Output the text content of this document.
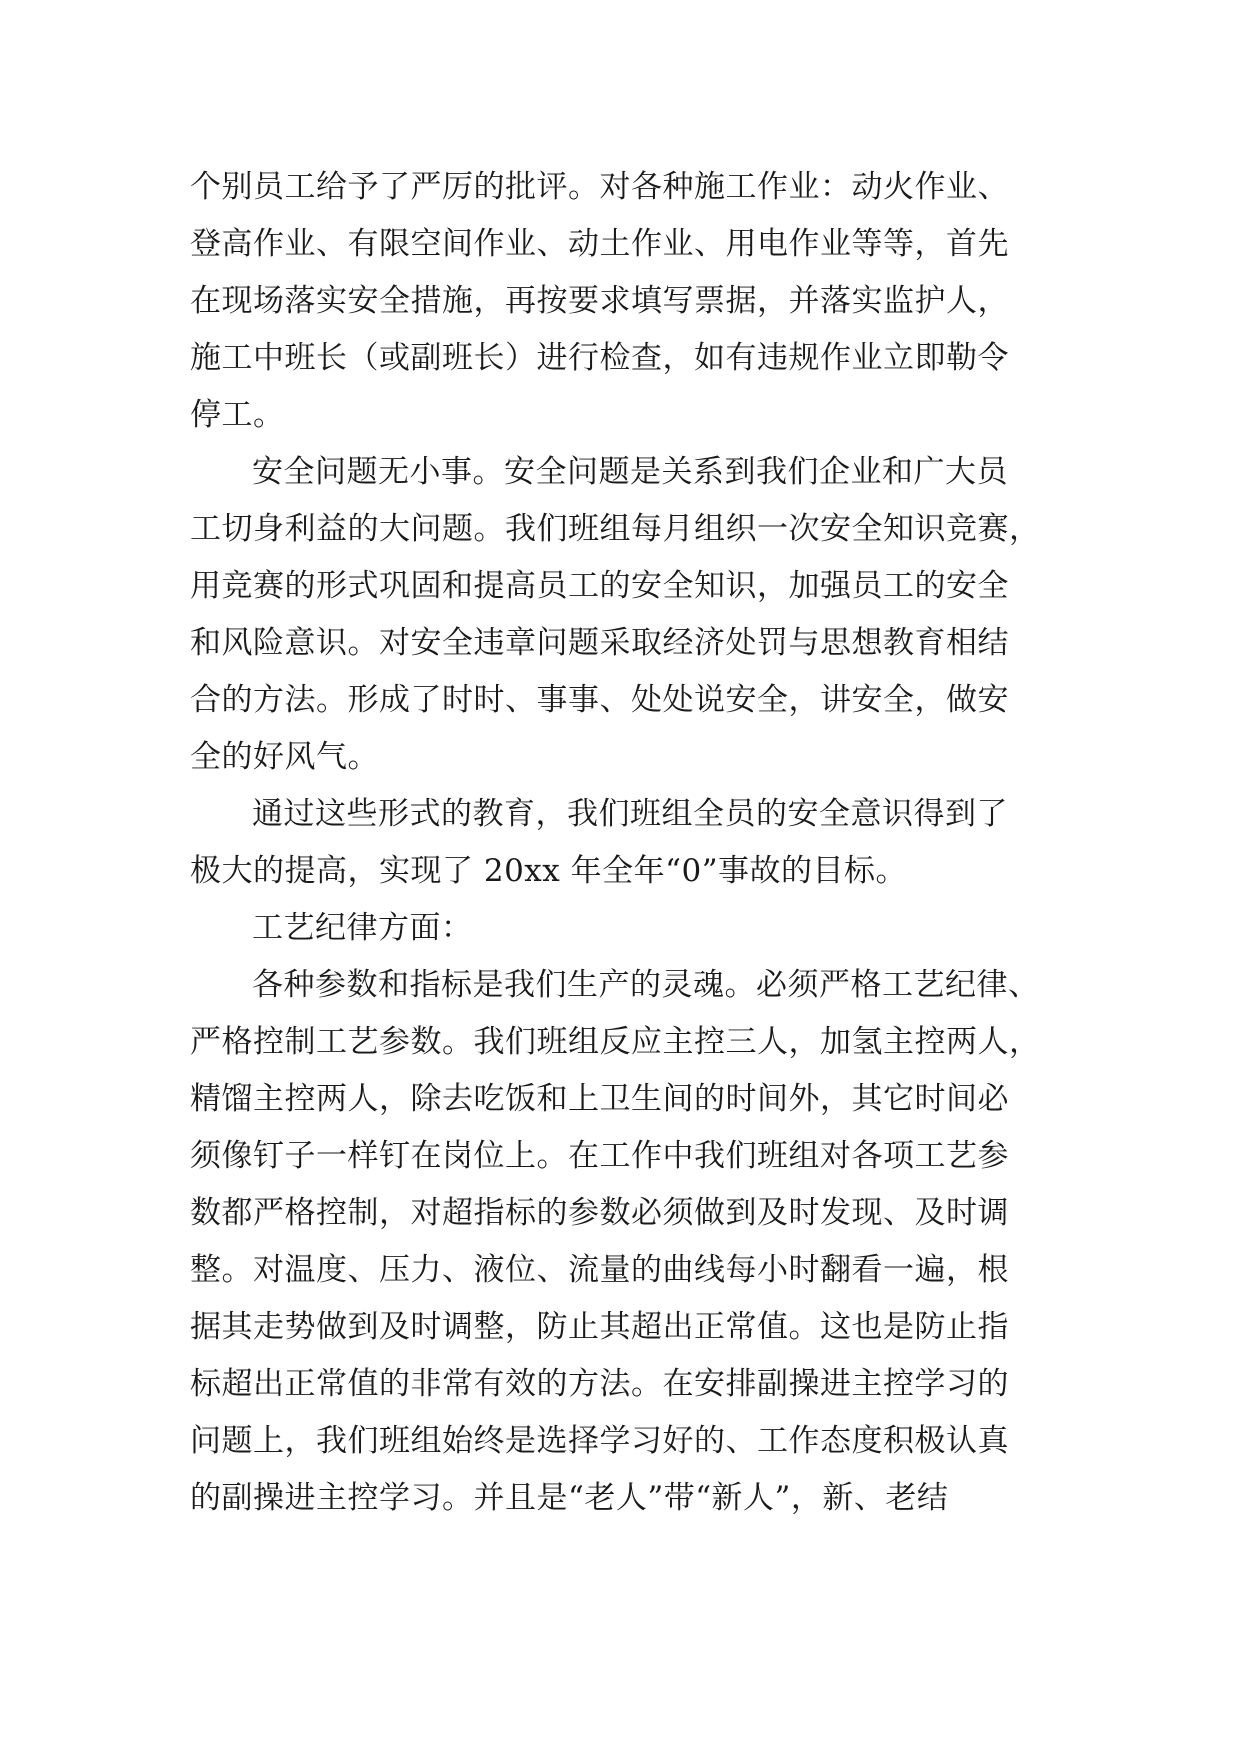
个别员工给予了严厉的批评。对各种施工作业：动火作业、
登高作业、有限空间作业、动土作业、用电作业等等，首先
在现场落实安全措施，再按要求填写票据，并落实监护人，
施工中班长（或副班长）进行检查，如有违规作业立即勒令
停工。
安全问题无小事。安全问题是关系到我们企业和广大员
工切身利益的大问题。我们班组每月组织一次安全知识竞赛，
用竞赛的形式巩固和提高员工的安全知识，加强员工的安全
和风险意识。对安全违章问题采取经济处罚与思想教育相结
合的方法。形成了时时、事事、处处说安全，讲安全，做安
全的好风气。
通过这些形式的教育，我们班组全员的安全意识得到了
极大的提高，实现了 20xx 年全年“0”事故的目标。
工艺纪律方面：
各种参数和指标是我们生产的灵魂。必须严格工艺纪律、
严格控制工艺参数。我们班组反应主控三人，加氢主控两人，
精馏主控两人，除去吃饭和上卫生间的时间外，其它时间必
须像钉子一样钉在岗位上。在工作中我们班组对各项工艺参
数都严格控制，对超指标的参数必须做到及时发现、及时调
整。对温度、压力、液位、流量的曲线每小时翻看一遍，根
据其走势做到及时调整，防止其超出正常值。这也是防止指
标超出正常值的非常有效的方法。在安排副操进主控学习的
问题上，我们班组始终是选择学习好的、工作态度积极认真
的副操进主控学习。并且是“老人”带“新人”，新、老结
